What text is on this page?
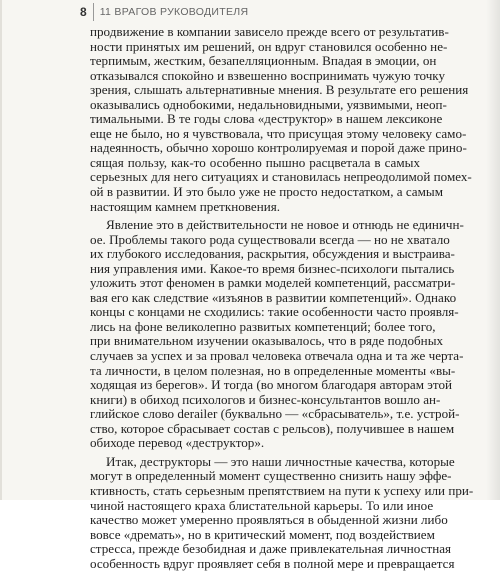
8 11 ВРАГОВ РУКОВОДИТЕЛЯ
продвижение в компании зависело прежде всего от результатив-
ности принятых им решений, он вдруг становился особенно не-
терпимым, жестким, безапелляционным. Впадая в эмоции, он
отказывался спокойно и взвешенно воспринимать чужую точку
зрения, слышать альтернативные мнения. В результате его решения
оказывались однобокими, недальновидными, уязвимыми, неоп-
тимальными. В те годы слова «деструктор» в нашем лексиконе
еще не было, но я чувствовала, что присущая этому человеку само-
надеянность, обычно хорошо контролируемая и порой даже прино-
сящая пользу, как-то особенно пышно расцветала в самых
серьезных для него ситуациях и становилась непреодолимой помех-
ой в развитии. И это было уже не просто недостатком, а самым
настоящим камнем преткновения.
Явление это в действительности не новое и отнюдь не единичн-
ое. Проблемы такого рода существовали всегда — но не хватало
их глубокого исследования, раскрытия, обсуждения и выстраива-
ния управления ими. Какое-то время бизнес-психологи пытались
уложить этот феномен в рамки моделей компетенций, рассматри-
вая его как следствие «изъянов в развитии компетенций». Однако
концы с концами не сходились: такие особенности часто проявля-
лись на фоне великолепно развитых компетенций; более того,
при внимательном изучении оказывалось, что в ряде подобных
случаев за успех и за провал человека отвечала одна и та же черта-
та личности, в целом полезная, но в определенные моменты «вы-
ходящая из берегов». И тогда (во многом благодаря авторам этой
книги) в обиход психологов и бизнес-консультантов вошло ан-
глийское слово derailer (буквально — «сбрасыватель», т.е. устрой-
ство, которое сбрасывает состав с рельсов), получившее в нашем
обиходе перевод «деструктор».
Итак, деструкторы — это наши личностные качества, которые
могут в определенный момент существенно снизить нашу эффе-
ктивность, стать серьезным препятствием на пути к успеху или при-
чиной настоящего краха блистательной карьеры. То или иное
качество может умеренно проявляться в обыденной жизни либо
вовсе «дремать», но в критический момент, под воздействием
стресса, прежде безобидная и даже привлекательная личностная
особенность вдруг проявляет себя в полной мере и превращается
